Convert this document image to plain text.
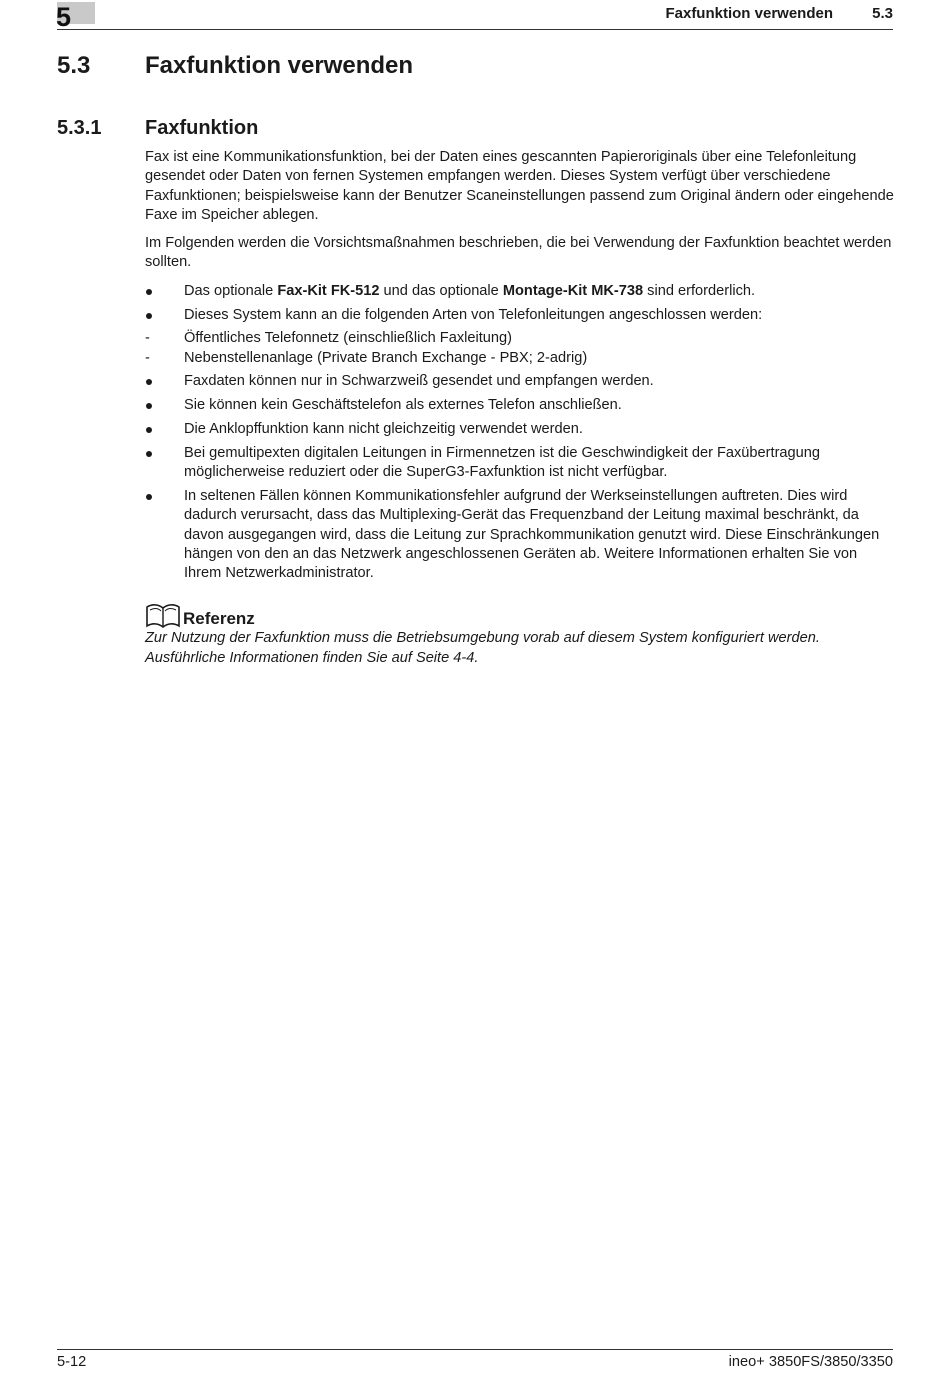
5	Faxfunktion verwenden	5.3
5.3 Faxfunktion verwenden
5.3.1 Faxfunktion

Fax ist eine Kommunikationsfunktion, bei der Daten eines gescannten Papieroriginals über eine Telefonleitung gesendet oder Daten von fernen Systemen empfangen werden. Dieses System verfügt über verschiedene Faxfunktionen; beispielsweise kann der Benutzer Scaneinstellungen passend zum Original ändern oder eingehende Faxe im Speicher ablegen.

Im Folgenden werden die Vorsichtsmaßnahmen beschrieben, die bei Verwendung der Faxfunktion beachtet werden sollten.

Das optionale Fax-Kit FK-512 und das optionale Montage-Kit MK-738 sind erforderlich.
Dieses System kann an die folgenden Arten von Telefonleitungen angeschlossen werden:
-	Öffentliches Telefonnetz (einschließlich Faxleitung)
-	Nebenstellenanlage (Private Branch Exchange - PBX; 2-adrig)
Faxdaten können nur in Schwarzweiß gesendet und empfangen werden.
Sie können kein Geschäftstelefon als externes Telefon anschließen.
Die Anklopffunktion kann nicht gleichzeitig verwendet werden.
Bei gemultipexten digitalen Leitungen in Firmennetzen ist die Geschwindigkeit der Faxübertragung möglicherweise reduziert oder die SuperG3-Faxfunktion ist nicht verfügbar.
In seltenen Fällen können Kommunikationsfehler aufgrund der Werkseinstellungen auftreten. Dies wird dadurch verursacht, dass das Multiplexing-Gerät das Frequenzband der Leitung maximal beschränkt, da davon ausgegangen wird, dass die Leitung zur Sprachkommunikation genutzt wird. Diese Einschränkungen hängen von den an das Netzwerk angeschlossenen Geräten ab. Weitere Informationen erhalten Sie von Ihrem Netzwerkadministrator.
Referenz
Zur Nutzung der Faxfunktion muss die Betriebsumgebung vorab auf diesem System konfiguriert werden. Ausführliche Informationen finden Sie auf Seite 4-4.
5-12	ineo+ 3850FS/3850/3350
